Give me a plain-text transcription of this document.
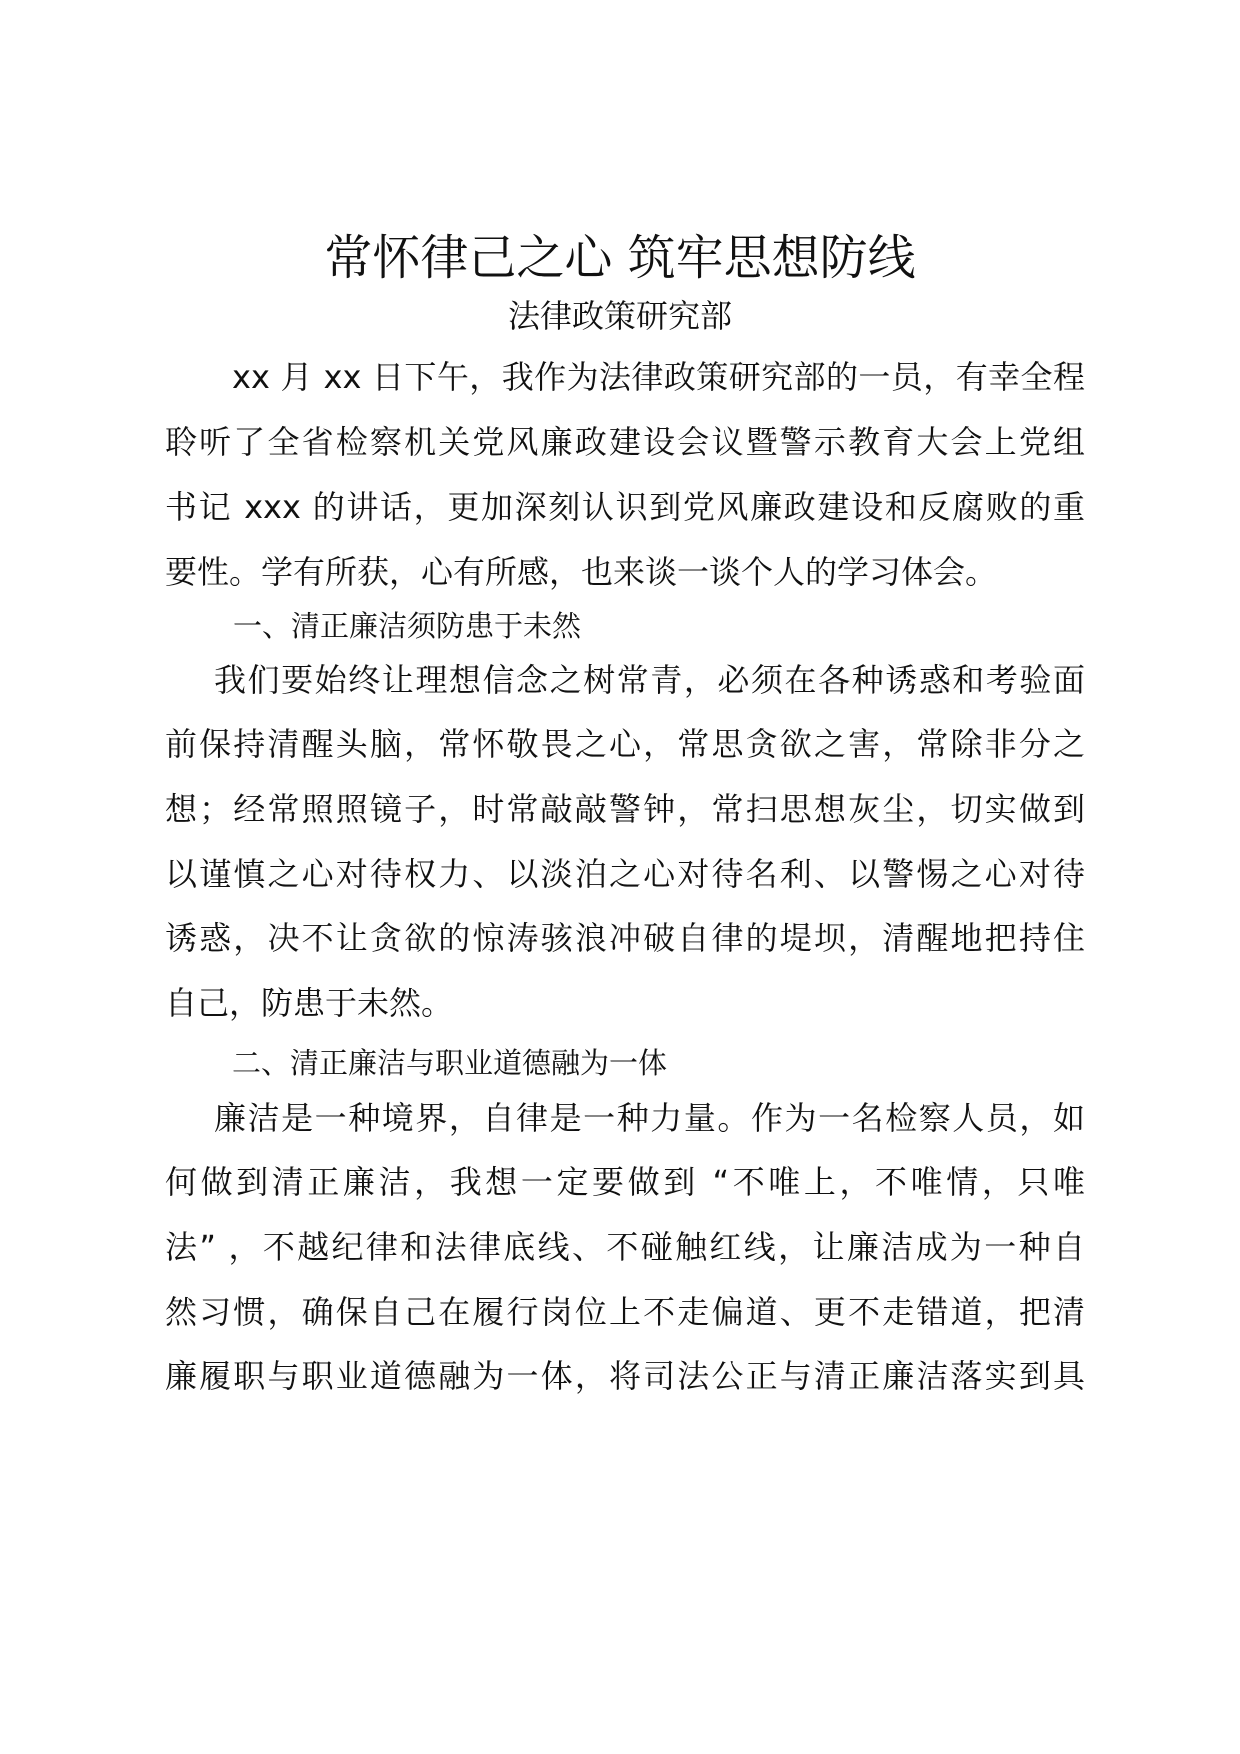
常怀律己之心 筑牢思想防线
法律政策研究部

xx 月 xx 日下午，我作为法律政策研究部的一员，有幸全程

聆听了全省检察机关党风廉政建设会议暨警示教育大会上党组

书记 xxx 的讲话，更加深刻认识到党风廉政建设和反腐败的重

要性。学有所获，心有所感，也来谈一谈个人的学习体会。

一、清正廉洁须防患于未然

我们要始终让理想信念之树常青，必须在各种诱惑和考验面

前保持清醒头脑，常怀敬畏之心，常思贪欲之害，常除非分之

想；经常照照镜子，时常敲敲警钟，常扫思想灰尘，切实做到

以谨慎之心对待权力、以淡泊之心对待名利、以警惕之心对待

诱惑，决不让贪欲的惊涛骇浪冲破自律的堤坝，清醒地把持住

自己，防患于未然。

二、清正廉洁与职业道德融为一体

廉洁是一种境界，自律是一种力量。作为一名检察人员，如

何做到清正廉洁，我想一定要做到 “不唯上，不唯情，只唯

法” ，不越纪律和法律底线、不碰触红线，让廉洁成为一种自

然习惯，确保自己在履行岗位上不走偏道、更不走错道，把清

廉履职与职业道德融为一体，将司法公正与清正廉洁落实到具
